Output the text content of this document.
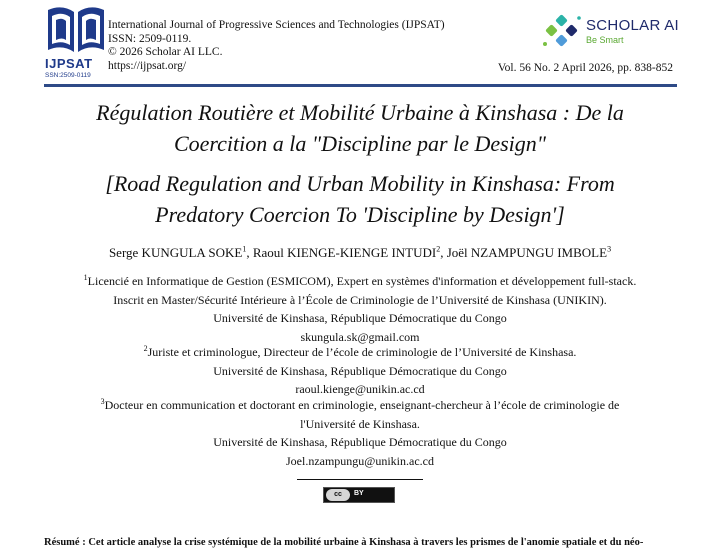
IJPSAT
SSN:2509-0119
International Journal of Progressive Sciences and Technologies (IJPSAT)
ISSN: 2509-0119.
© 2026 Scholar AI LLC.
https://ijpsat.org/
SCHOLAR AI
Be Smart
Vol. 56 No. 2 April 2026, pp. 838-852
Régulation Routière et Mobilité Urbaine à Kinshasa : De la
Coercition a la "Discipline par le Design"
[Road Regulation and Urban Mobility in Kinshasa: From
Predatory Coercion To 'Discipline by Design']
Serge KUNGULA SOKE$^1$, Raoul KIENGE-KIENGE INTUDI$^2$, Joël NZAMPUNGU IMBOLE$^3$
$^1$Licencié en Informatique de Gestion (ESMICOM), Expert en systèmes d'information et développement full-stack.
Inscrit en Master/Sécurité Intérieure à l’École de Criminologie de l’Université de Kinshasa (UNIKIN).
Université de Kinshasa, République Démocratique du Congo
skungula.sk@gmail.com
$^2$Juriste et criminologue, Directeur de l’école de criminologie de l’Université de Kinshasa.
Université de Kinshasa, République Démocratique du Congo
raoul.kienge@unikin.ac.cd
$^3$Docteur en communication et doctorant en criminologie, enseignant-chercheur à l’école de criminologie de
l'Université de Kinshasa.
Université de Kinshasa, République Démocratique du Congo
Joel.nzampungu@unikin.ac.cd
cc	BY
Résumé : Cet article analyse la crise systémique de la mobilité urbaine à Kinshasa à travers les prismes de l'anomie spatiale et du néo-
